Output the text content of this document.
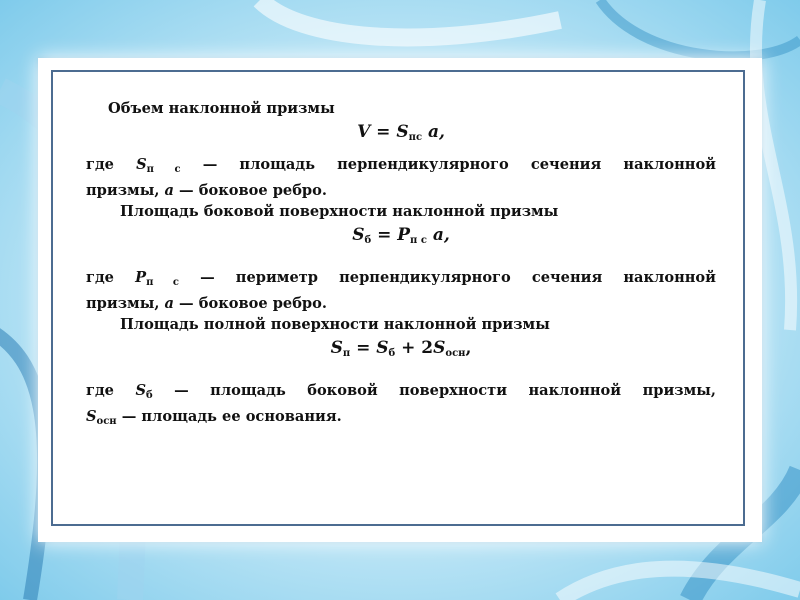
Объем наклонной призмы
$V = S_{пс}$ a,
где $S_{п с}$ — площадь перпендикулярного сечения наклонной
призмы, a — боковое ребро.
Площадь боковой поверхности наклонной призмы
$S_б = P_{п с}$ a,
где $P_{п с}$ — периметр перпендикулярного сечения наклонной
призмы, a — боковое ребро.
Площадь полной поверхности наклонной призмы
$S_п = S_б + 2S_{осн}$,
где $S_б$ — площадь боковой поверхности наклонной призмы,
$S_{осн}$ — площадь ее основания.
